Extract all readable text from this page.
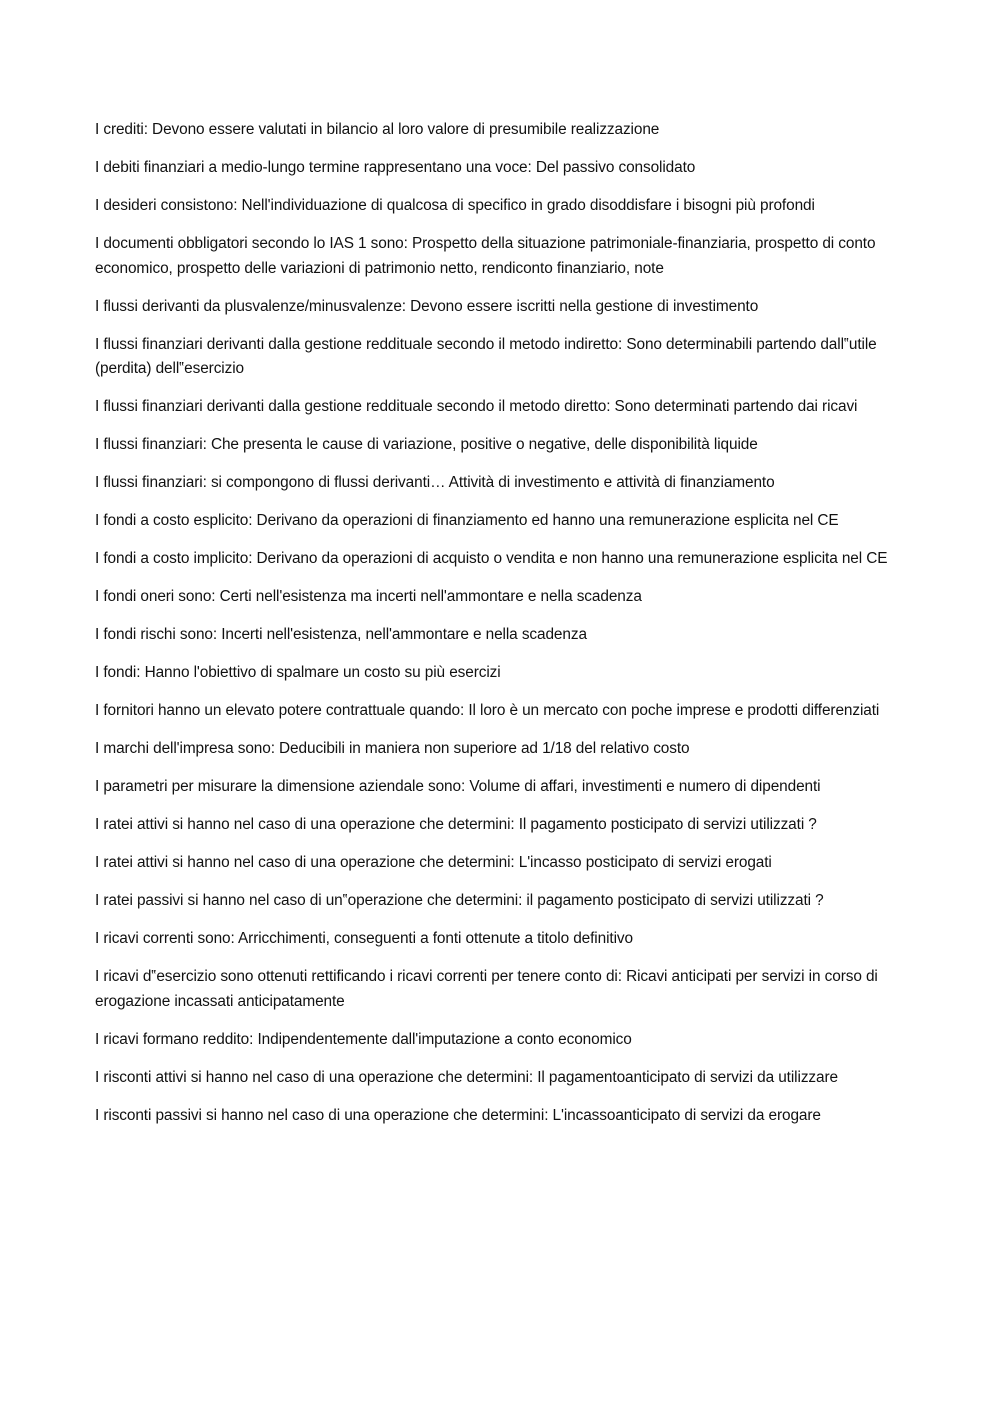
I crediti: Devono essere valutati in bilancio al loro valore di presumibile realizzazione

I debiti finanziari a medio-lungo termine rappresentano una voce: Del passivo consolidato

I desideri consistono: Nell'individuazione di qualcosa di specifico in grado disoddisfare i bisogni più profondi

I documenti obbligatori secondo lo IAS 1 sono: Prospetto della situazione patrimoniale-finanziaria, prospetto di conto economico, prospetto delle variazioni di patrimonio netto, rendiconto finanziario, note

I flussi derivanti da plusvalenze/minusvalenze: Devono essere iscritti nella gestione di investimento

I flussi finanziari derivanti dalla gestione reddituale secondo il metodo indiretto: Sono determinabili partendo dall‟utile (perdita) dell‟esercizio

I flussi finanziari derivanti dalla gestione reddituale secondo il metodo diretto: Sono determinati partendo dai ricavi

I flussi finanziari: Che presenta le cause di variazione, positive o negative, delle disponibilità liquide

I flussi finanziari: si compongono di flussi derivanti… Attività di investimento e attività di finanziamento

I fondi a costo esplicito: Derivano da operazioni di finanziamento ed hanno una remunerazione esplicita nel CE

I fondi a costo implicito: Derivano da operazioni di acquisto o vendita e non hanno una remunerazione esplicita nel CE

I fondi oneri sono: Certi nell'esistenza ma incerti nell'ammontare e nella scadenza

I fondi rischi sono: Incerti nell'esistenza, nell'ammontare e nella scadenza

I fondi: Hanno l'obiettivo di spalmare un costo su più esercizi

I fornitori hanno un elevato potere contrattuale quando: Il loro è un mercato con poche imprese e prodotti differenziati

I marchi dell'impresa sono: Deducibili in maniera non superiore ad 1/18 del relativo costo

I parametri per misurare la dimensione aziendale sono: Volume di affari, investimenti e numero di dipendenti

I ratei attivi si hanno nel caso di una operazione che determini: Il pagamento posticipato di servizi utilizzati ?

I ratei attivi si hanno nel caso di una operazione che determini: L'incasso posticipato di servizi erogati

I ratei passivi si hanno nel caso di un‟operazione che determini: il pagamento posticipato di servizi utilizzati ?

I ricavi correnti sono: Arricchimenti, conseguenti a fonti ottenute a titolo definitivo

I ricavi d‟esercizio sono ottenuti rettificando i ricavi correnti per tenere conto di: Ricavi anticipati per servizi in corso di erogazione incassati anticipatamente

I ricavi formano reddito: Indipendentemente dall'imputazione a conto economico

I risconti attivi si hanno nel caso di una operazione che determini: Il pagamentoanticipato di servizi da utilizzare

I risconti passivi si hanno nel caso di una operazione che determini: L'incassoanticipato di servizi da erogare
